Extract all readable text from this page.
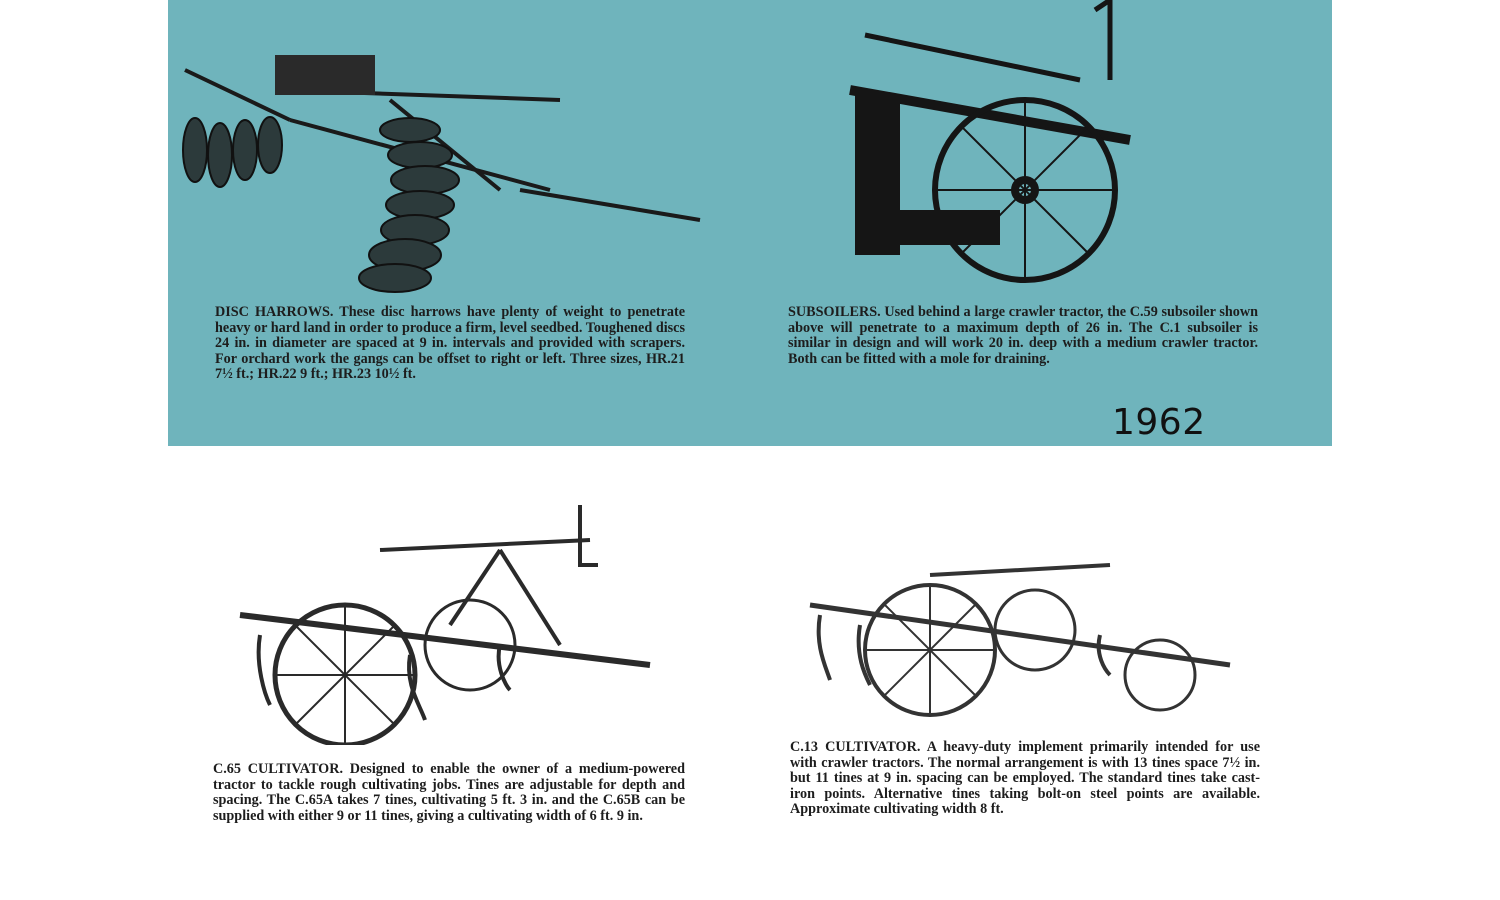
DISC HARROWS. These disc harrows have plenty of weight to penetrate heavy or hard land in order to produce a firm, level seedbed. Toughened discs 24 in. in diameter are spaced at 9 in. intervals and provided with scrapers. For orchard work the gangs can be offset to right or left. Three sizes, HR.21 7½ ft.; HR.22 9 ft.; HR.23 10½ ft.

SUBSOILERS. Used behind a large crawler tractor, the C.59 subsoiler shown above will penetrate to a maximum depth of 26 in. The C.1 subsoiler is similar in design and will work 20 in. deep with a medium crawler tractor. Both can be fitted with a mole for draining.

1962

C.65 CULTIVATOR. Designed to enable the owner of a medium-powered tractor to tackle rough cultivating jobs. Tines are adjustable for depth and spacing. The C.65A takes 7 tines, cultivating 5 ft. 3 in. and the C.65B can be supplied with either 9 or 11 tines, giving a cultivating width of 6 ft. 9 in.

C.13 CULTIVATOR. A heavy-duty implement primarily intended for use with crawler tractors. The normal arrangement is with 13 tines space 7½ in. but 11 tines at 9 in. spacing can be employed. The standard tines take cast-iron points. Alternative tines taking bolt-on steel points are available. Approximate cultivating width 8 ft.
